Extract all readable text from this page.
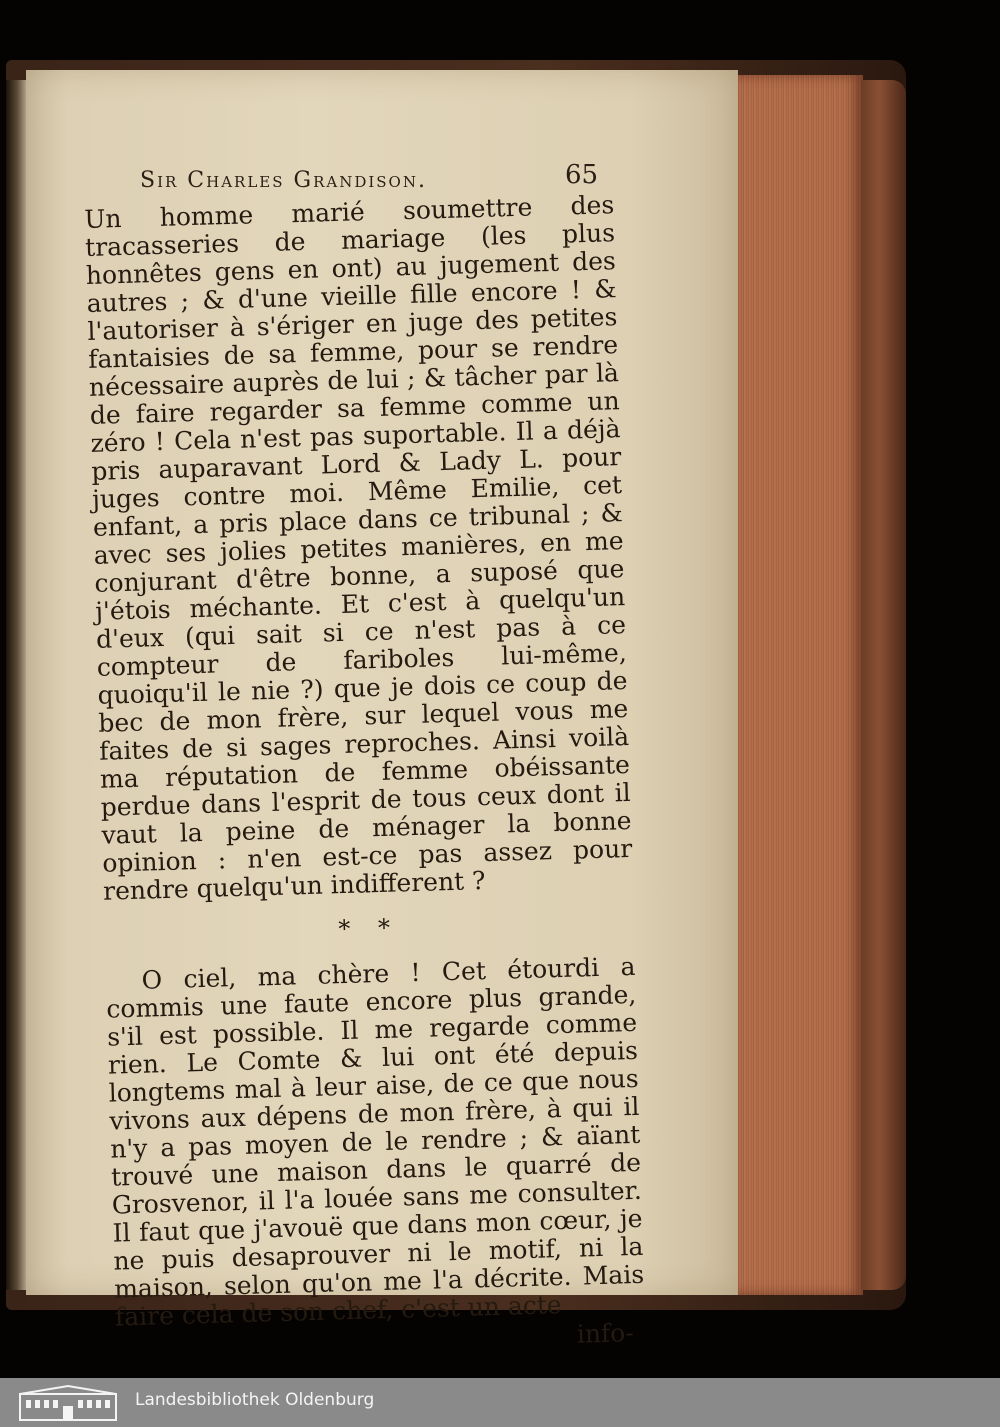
Sir Charles Grandison.	65

Un homme marié soumettre des tracasseries de mariage (les plus honnêtes gens en ont) au jugement des autres ; & d'une vieille fille encore ! & l'autoriser à s'ériger en juge des petites fantaisies de sa femme, pour se rendre nécessaire auprès de lui ; & tâcher par là de faire regarder sa femme comme un zéro ! Cela n'est pas suportable. Il a déjà pris auparavant Lord & Lady L. pour juges contre moi. Même Emilie, cet enfant, a pris place dans ce tribunal ; & avec ses jolies petites manières, en me conjurant d'être bonne, a suposé que j'étois méchante. Et c'est à quelqu'un d'eux (qui sait si ce n'est pas à ce compteur de fariboles lui-même, quoiqu'il le nie ?) que je dois ce coup de bec de mon frère, sur lequel vous me faites de si sages reproches. Ainsi voilà ma réputation de femme obéissante perdue dans l'esprit de tous ceux dont il vaut la peine de ménager la bonne opinion : n'en est-ce pas assez pour rendre quelqu'un indifferent ?

* *

O ciel, ma chère ! Cet étourdi a commis une faute encore plus grande, s'il est possible. Il me regarde comme rien. Le Comte & lui ont été depuis longtems mal à leur aise, de ce que nous vivons aux dépens de mon frère, à qui il n'y a pas moyen de le rendre ; & aïant trouvé une maison dans le quarré de Grosvenor, il l'a louée sans me consulter. Il faut que j'avouë que dans mon cœur, je ne puis desaprouver ni le motif, ni la maison, selon qu'on me l'a décrite. Mais faire cela de son chef, c'est un acte

info-
Landesbibliothek Oldenburg
